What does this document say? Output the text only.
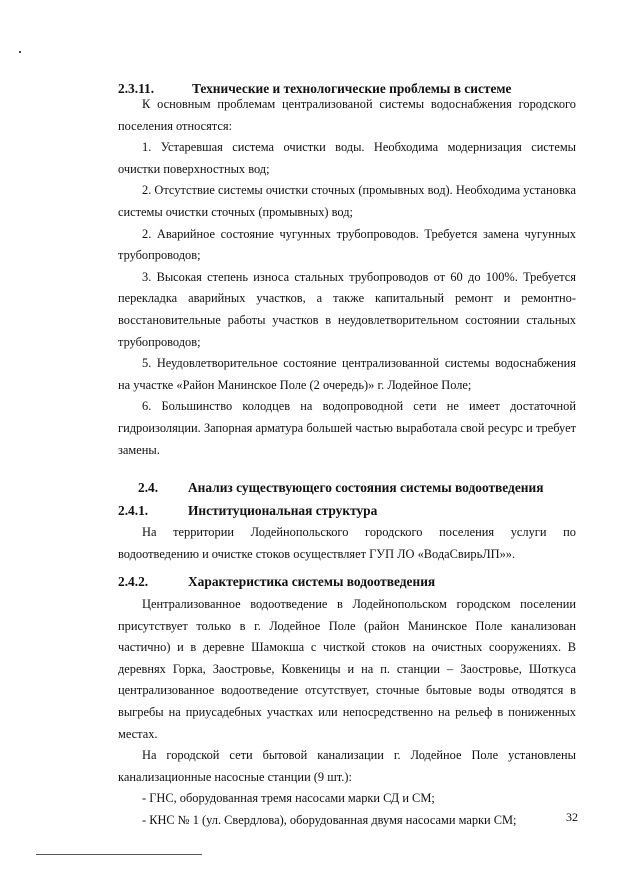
2.3.11.	Технические и технологические проблемы в системе

К основным проблемам централизованой системы водоснабжения городского поселения относятся:

1. Устаревшая система очистки воды. Необходима модернизация системы очистки поверхностных вод;

2. Отсутствие системы очистки сточных (промывных вод). Необходима установка системы очистки сточных (промывных) вод;

2. Аварийное состояние чугунных трубопроводов. Требуется замена чугунных трубопроводов;

3. Высокая степень износа стальных трубопроводов от 60 до 100%. Требуется перекладка аварийных участков, а также капитальный ремонт и ремонтно-восстановительные работы участков в неудовлетворительном состоянии стальных трубопроводов;

5. Неудовлетворительное состояние централизованной системы водоснабжения на участке «Район Манинское Поле (2 очередь)» г. Лодейное Поле;

6. Большинство колодцев на водопроводной сети не имеет достаточной гидроизоляции. Запорная арматура большей частью выработала свой ресурс и требует замены.

2.4. Анализ существующего состояния системы водоотведения
2.4.1.	Институциональная структура

На территории Лодейнопольского городского поселения услуги по водоотведению и очистке стоков осуществляет ГУП ЛО «ВодаСвирьЛП»».

2.4.2.	Характеристика системы водоотведения

Централизованное водоотведение в Лодейнопольском городском поселении присутствует только в г. Лодейное Поле (район Манинское Поле канализован частично) и в деревне Шамокша с чисткой стоков на очистных сооружениях. В деревнях Горка, Заостровье, Ковкеницы и на п. станции – Заостровье, Шоткуса централизованное водоотведение отсутствует, сточные бытовые воды отводятся в выгребы на приусадебных участках или непосредственно на рельеф в пониженных местах.

На городской сети бытовой канализации г. Лодейное Поле установлены канализационные насосные станции (9 шт.):

- ГНС, оборудованная тремя насосами марки СД и СМ;

- КНС № 1 (ул. Свердлова), оборудованная двумя насосами марки СМ;	32
